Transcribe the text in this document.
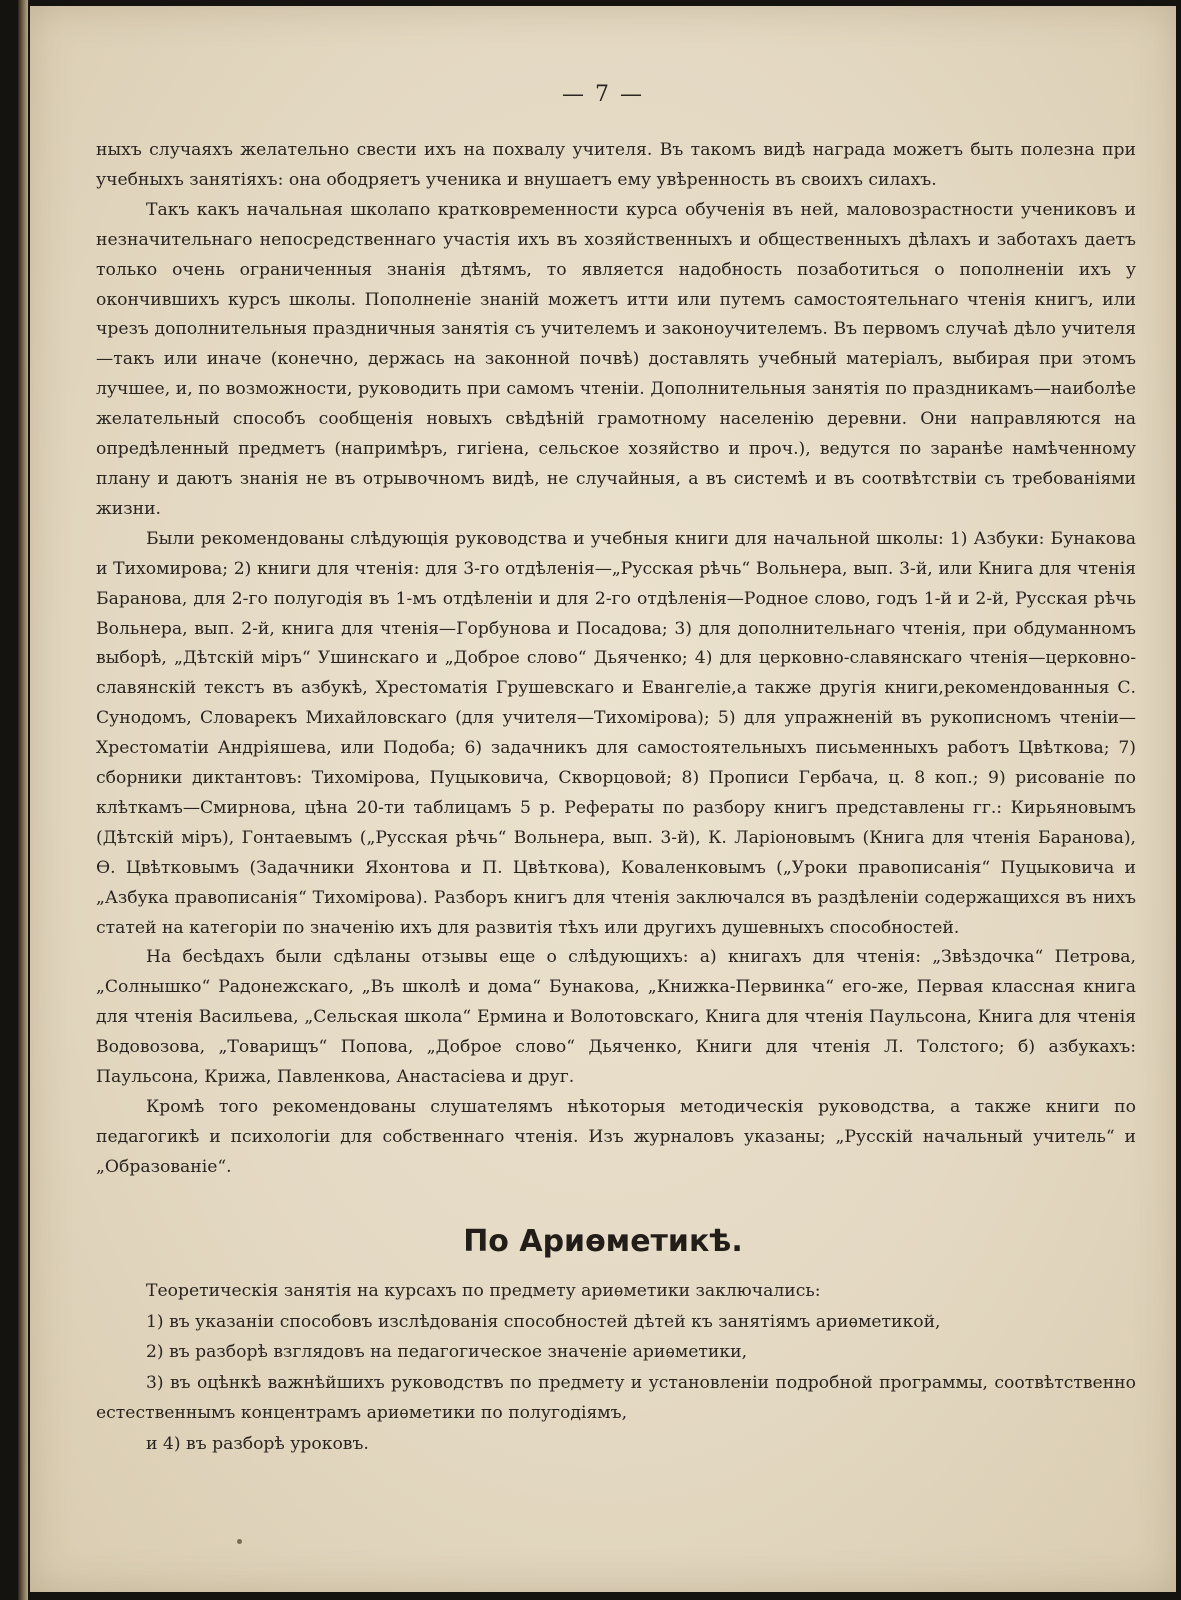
— 7 —

ныхъ случаяхъ желательно свести ихъ на похвалу учителя. Въ такомъ видѣ награда можетъ быть полезна при учебныхъ занятіяхъ: она ободряетъ ученика и внушаетъ ему увѣренность въ своихъ силахъ.

Такъ какъ начальная школапо кратковременности курса обученія въ ней, маловозрастности учениковъ и незначительнаго непосредственнаго участія ихъ въ хозяйственныхъ и общественныхъ дѣлахъ и заботахъ даетъ только очень ограниченныя знанія дѣтямъ, то является надобность позаботиться о пополненіи ихъ у окончившихъ курсъ школы. Пополненіе знаній можетъ итти или путемъ самостоятельнаго чтенія книгъ, или чрезъ дополнительныя праздничныя занятія съ учителемъ и законоучителемъ. Въ первомъ случаѣ дѣло учителя—такъ или иначе (конечно, держась на законной почвѣ) доставлять учебный матеріалъ, выбирая при этомъ лучшее, и, по возможности, руководить при самомъ чтеніи. Дополнительныя занятія по праздникамъ—наиболѣе желательный способъ сообщенія новыхъ свѣдѣній грамотному населенію деревни. Они направляются на опредѣленный предметъ (напримѣръ, гигіена, сельское хозяйство и проч.), ведутся по заранѣе намѣченному плану и даютъ знанія не въ отрывочномъ видѣ, не случайныя, а въ системѣ и въ соотвѣтствіи съ требованіями жизни.

Были рекомендованы слѣдующія руководства и учебныя книги для начальной школы: 1) Азбуки: Бунакова и Тихомирова; 2) книги для чтенія: для 3-го отдѣленія—„Русская рѣчь“ Вольнера, вып. 3-й, или Книга для чтенія Баранова, для 2-го полугодія въ 1-мъ отдѣленіи и для 2-го отдѣленія—Родное слово, годъ 1-й и 2-й, Русская рѣчь Вольнера, вып. 2-й, книга для чтенія—Горбунова и Посадова; 3) для дополнительнаго чтенія, при обдуманномъ выборѣ, „Дѣтскій міръ“ Ушинскаго и „Доброе слово“ Дьяченко; 4) для церковно-славянскаго чтенія—церковно-славянскій текстъ въ азбукѣ, Хрестоматія Грушевскаго и Евангеліе,а также другія книги,рекомендованныя С. Сунодомъ, Словарекъ Михайловскаго (для учителя—Тихомірова); 5) для упражненій въ рукописномъ чтеніи—Хрестоматіи Андріяшева, или Подоба; 6) задачникъ для самостоятельныхъ письменныхъ работъ Цвѣткова; 7) сборники диктантовъ: Тихомірова, Пуцыковича, Скворцовой; 8) Прописи Гербача, ц. 8 коп.; 9) рисованіе по клѣткамъ—Смирнова, цѣна 20-ти таблицамъ 5 р. Рефераты по разбору книгъ представлены гг.: Кирьяновымъ (Дѣтскій міръ), Гонтаевымъ („Русская рѣчь“ Вольнера, вып. 3-й), К. Ларіоновымъ (Книга для чтенія Баранова), Ѳ. Цвѣтковымъ (Задачники Яхонтова и П. Цвѣткова), Коваленковымъ („Уроки правописанія“ Пуцыковича и „Азбука правописанія“ Тихомірова). Разборъ книгъ для чтенія заключался въ раздѣленіи содержащихся въ нихъ статей на категоріи по значенію ихъ для развитія тѣхъ или другихъ душевныхъ способностей.

На бесѣдахъ были сдѣланы отзывы еще о слѣдующихъ: а) книгахъ для чтенія: „Звѣздочка“ Петрова, „Солнышко“ Радонежскаго, „Въ школѣ и дома“ Бунакова, „Книжка-Первинка“ его-же, Первая классная книга для чтенія Васильева, „Сельская школа“ Ермина и Волотовскаго, Книга для чтенія Паульсона, Книга для чтенія Водовозова, „Товарищъ“ Попова, „Доброе слово“ Дьяченко, Книги для чтенія Л. Толстого; б) азбукахъ: Паульсона, Крижа, Павленкова, Анастасіева и друг.

Кромѣ того рекомендованы слушателямъ нѣкоторыя методическія руководства, а также книги по педагогикѣ и психологіи для собственнаго чтенія. Изъ журналовъ указаны; „Русскій начальный учитель“ и „Образованіе“.

По Ариѳметикѣ.

Теоретическія занятія на курсахъ по предмету ариѳметики заключались:

1) въ указаніи способовъ изслѣдованія способностей дѣтей къ занятіямъ ариѳметикой,

2) въ разборѣ взглядовъ на педагогическое значеніе ариѳметики,

3) въ оцѣнкѣ важнѣйшихъ руководствъ по предмету и установленіи подробной программы, соотвѣтственно естественнымъ концентрамъ ариѳметики по полугодіямъ,

и 4) въ разборѣ уроковъ.
